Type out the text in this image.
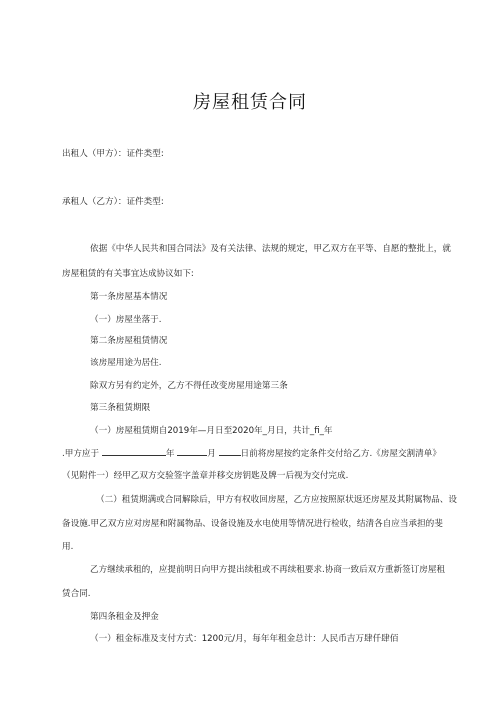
房屋租赁合同
出租人（甲方）：证件类型:
承租人（乙方）：证件类型:
依据《中华人民共和国合同法》及有关法律、法规的规定，甲乙双方在平等、自愿的整批上，就
房屋租赁的有关事宜达成协议如下:
第一条房屋基本情况
（一）房屋坐落于.
第二条房屋租赁情况
该房屋用途为居住.
除双方另有约定外，乙方不得任改变房屋用途第三条
第三条租赁期限
（一）房屋租赁期自2019年—月日至2020年_月日，共计_fi_年
.甲方应于	年	月	日前将房屋按约定条件交付给乙方.《房屋交割清单》
（见附件一）经甲乙双方交验签字盖章并移交房钥匙及牌一后视为交付完成.
（二）租赁期满或合同解除后，甲方有权收回房屋，乙方应按照原状返还房屋及其附属物品、设
备设施.甲乙双方应对房屋和附属物品、设备设施及水电使用等情况进行检收，结清各自应当承担的斐
用.
乙方继续承租的，应提前明日向甲方提出续租或不再续租要求.协商一致后双方重新签订房屋租
赁合同.
第四条租金及押金
（一）租金标准及支付方式：1200元/月，每年年租金总计：人民币吉万肆仟肆佰
